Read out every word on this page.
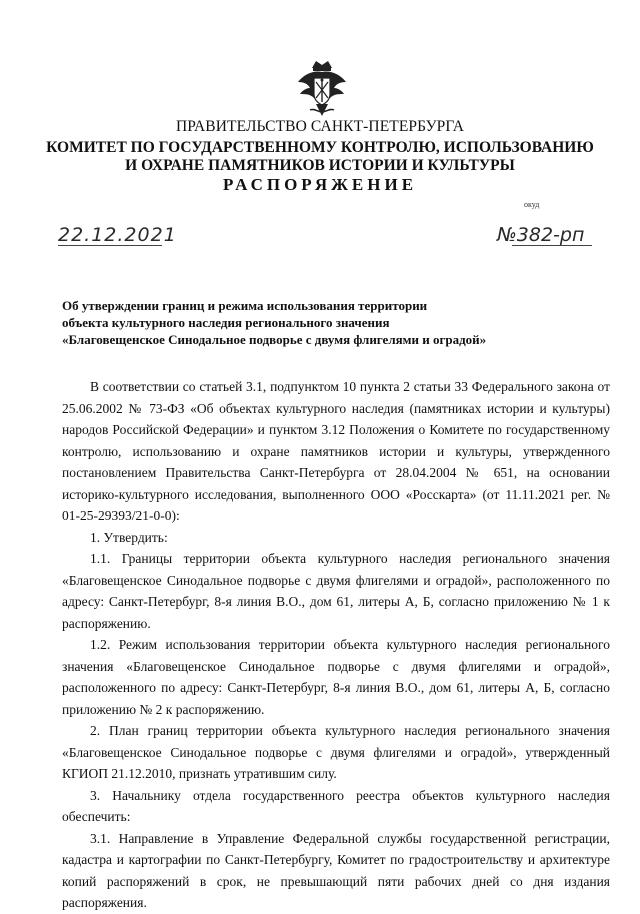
ПРАВИТЕЛЬСТВО САНКТ-ПЕТЕРБУРГА
КОМИТЕТ ПО ГОСУДАРСТВЕННОМУ КОНТРОЛЮ, ИСПОЛЬЗОВАНИЮ
И ОХРАНЕ ПАМЯТНИКОВ ИСТОРИИ И КУЛЬТУРЫ
РАСПОРЯЖЕНИЕ
окуд
22.12.2021	№382-рп
Об утверждении границ и режима использования территории
объекта культурного наследия регионального значения
«Благовещенское Синодальное подворье с двумя флигелями и оградой»

В соответствии со статьей 3.1, подпунктом 10 пункта 2 статьи 33 Федерального закона от 25.06.2002 № 73-ФЗ «Об объектах культурного наследия (памятниках истории и культуры) народов Российской Федерации» и пунктом 3.12 Положения о Комитете по государственному контролю, использованию и охране памятников истории и культуры, утвержденного постановлением Правительства Санкт-Петербурга от 28.04.2004 № 651, на основании историко-культурного исследования, выполненного ООО «Росскарта» (от 11.11.2021 рег. № 01-25-29393/21-0-0):

1. Утвердить:

1.1. Границы территории объекта культурного наследия регионального значения «Благовещенское Синодальное подворье с двумя флигелями и оградой», расположенного по адресу: Санкт-Петербург, 8-я линия В.О., дом 61, литеры А, Б, согласно приложению № 1 к распоряжению.

1.2. Режим использования территории объекта культурного наследия регионального значения «Благовещенское Синодальное подворье с двумя флигелями и оградой», расположенного по адресу: Санкт-Петербург, 8-я линия В.О., дом 61, литеры А, Б, согласно приложению № 2 к распоряжению.

2. План границ территории объекта культурного наследия регионального значения «Благовещенское Синодальное подворье с двумя флигелями и оградой», утвержденный КГИОП 21.12.2010, признать утратившим силу.

3. Начальнику отдела государственного реестра объектов культурного наследия обеспечить:

3.1. Направление в Управление Федеральной службы государственной регистрации, кадастра и картографии по Санкт-Петербургу, Комитет по градостроительству и архитектуре копий распоряжений в срок, не превышающий пяти рабочих дней со дня издания распоряжения.
